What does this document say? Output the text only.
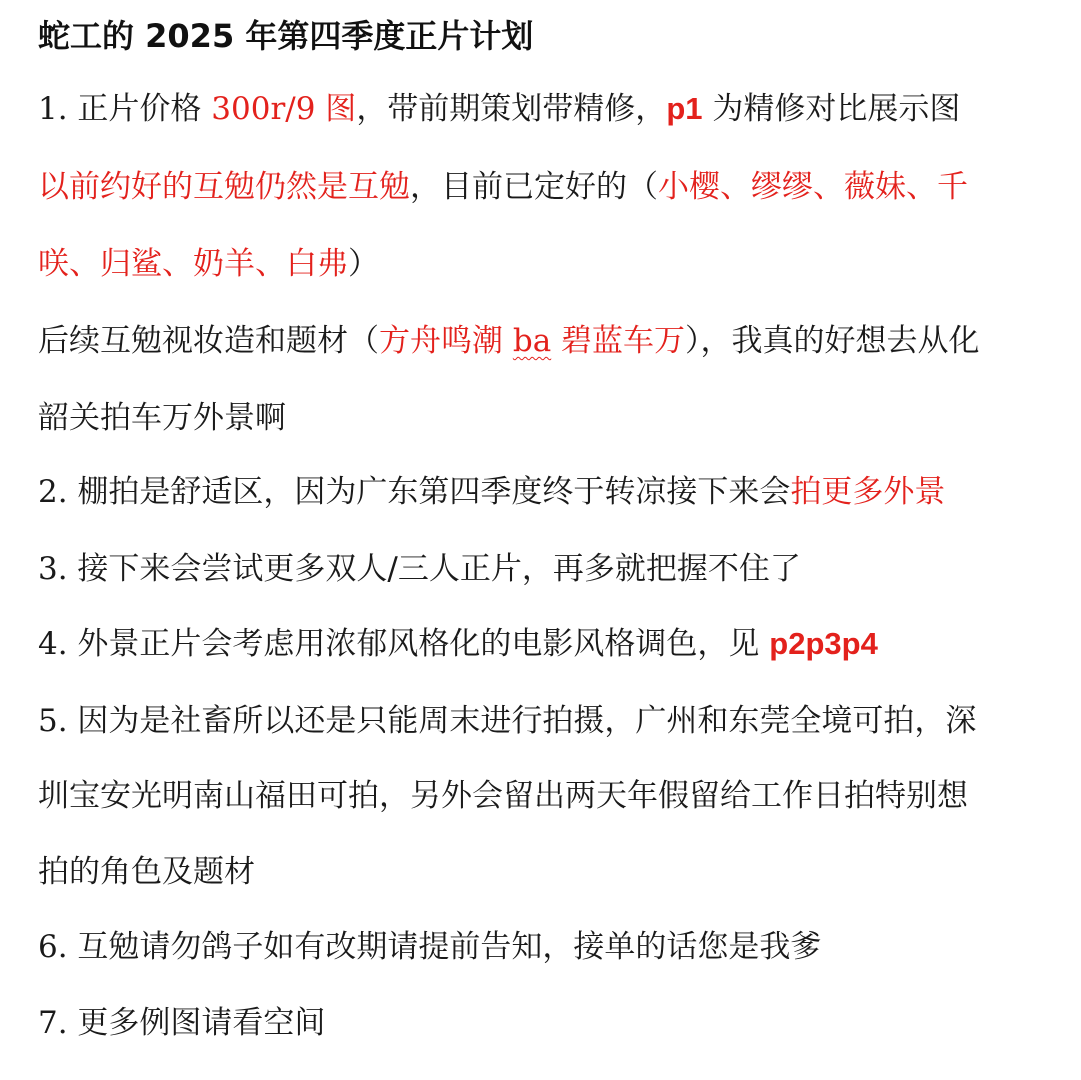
蛇工的 2025 年第四季度正片计划
1. 正片价格 300r/9 图，带前期策划带精修，p1 为精修对比展示图
以前约好的互勉仍然是互勉，目前已定好的（小樱、缪缪、薇妹、千
咲、归鲨、奶羊、白弗）
后续互勉视妆造和题材（方舟鸣潮 ba 碧蓝车万），我真的好想去从化
韶关拍车万外景啊
2. 棚拍是舒适区，因为广东第四季度终于转凉接下来会拍更多外景
3. 接下来会尝试更多双人/三人正片，再多就把握不住了
4. 外景正片会考虑用浓郁风格化的电影风格调色，见 p2p3p4
5. 因为是社畜所以还是只能周末进行拍摄，广州和东莞全境可拍，深
圳宝安光明南山福田可拍，另外会留出两天年假留给工作日拍特别想
拍的角色及题材
6. 互勉请勿鸽子如有改期请提前告知，接单的话您是我爹
7. 更多例图请看空间
